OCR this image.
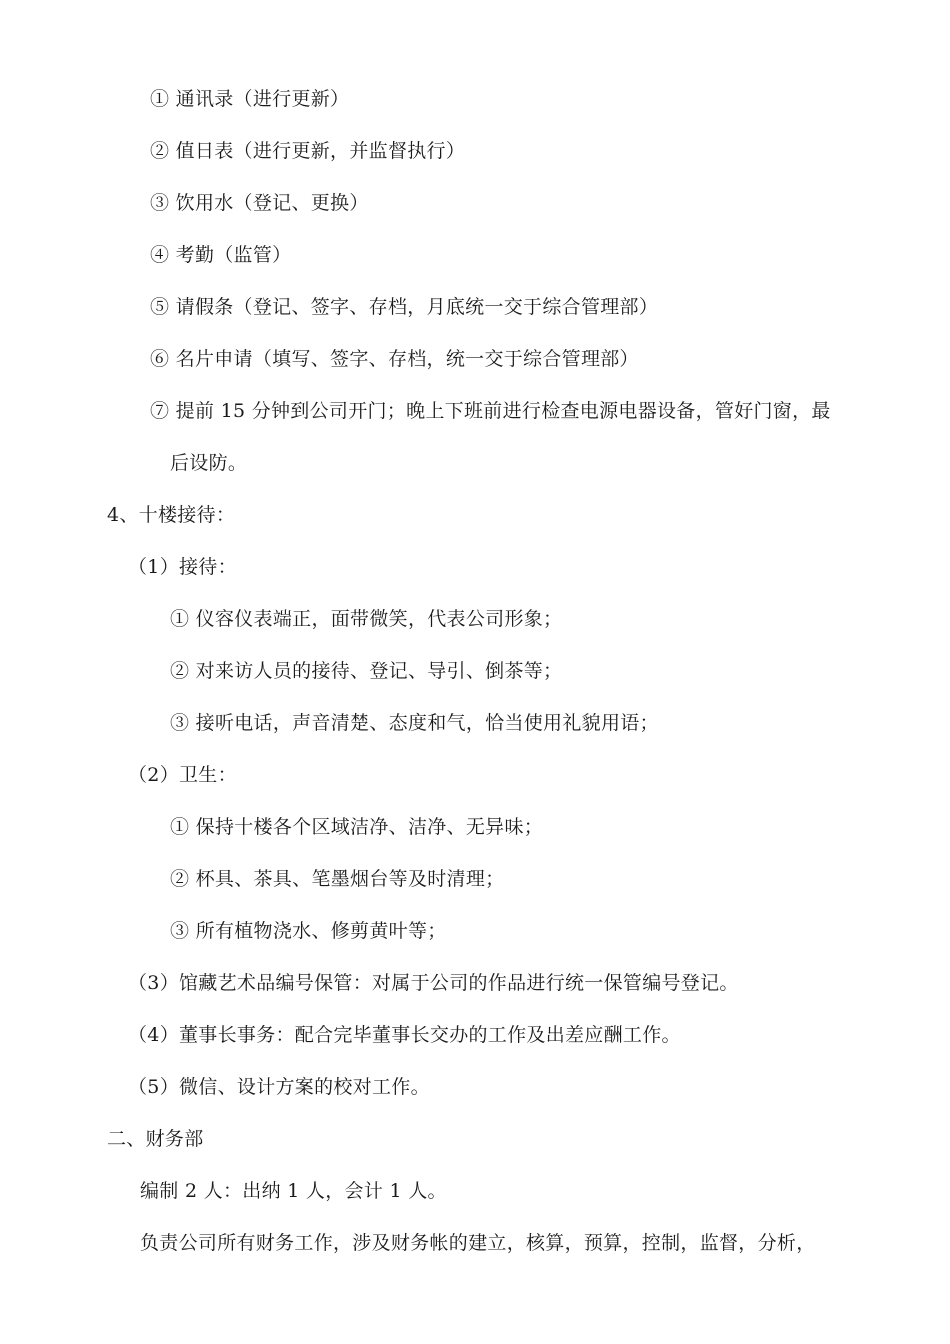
① 通讯录（进行更新）
② 值日表（进行更新，并监督执行）
③ 饮用水（登记、更换）
④ 考勤（监管）
⑤ 请假条（登记、签字、存档，月底统一交于综合管理部）
⑥ 名片申请（填写、签字、存档，统一交于综合管理部）
⑦ 提前 15 分钟到公司开门；晚上下班前进行检查电源电器设备，管好门窗，最
后设防。
4、十楼接待：
（1）接待：
① 仪容仪表端正，面带微笑，代表公司形象；
② 对来访人员的接待、登记、导引、倒茶等；
③ 接听电话，声音清楚、态度和气，恰当使用礼貌用语；
（2）卫生：
① 保持十楼各个区域洁净、洁净、无异味；
② 杯具、茶具、笔墨烟台等及时清理；
③ 所有植物浇水、修剪黄叶等；
（3）馆藏艺术品编号保管：对属于公司的作品进行统一保管编号登记。
（4）董事长事务：配合完毕董事长交办的工作及出差应酬工作。
（5）微信、设计方案的校对工作。
二、财务部
编制 2 人：出纳 1 人，会计 1 人。
负责公司所有财务工作，涉及财务帐的建立，核算，预算，控制，监督，分析，
